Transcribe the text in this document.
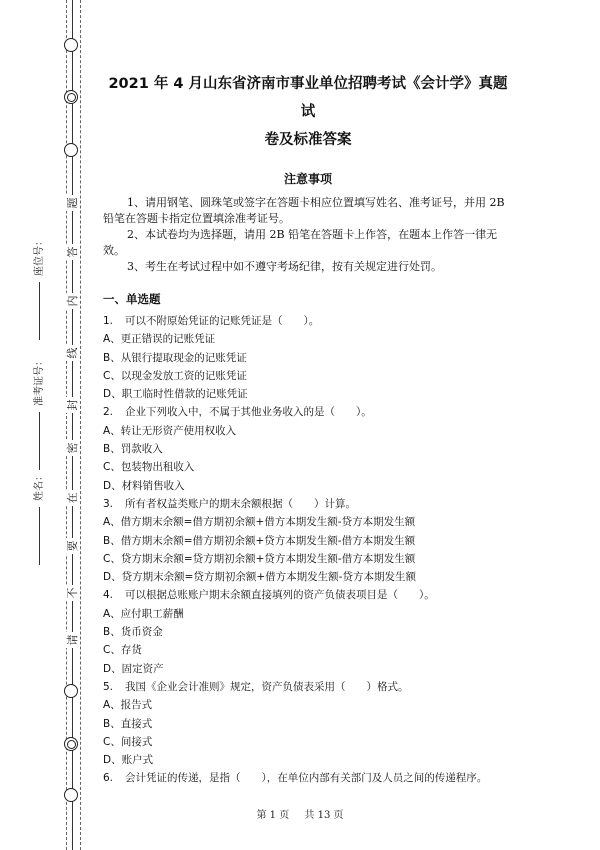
题
答
内
线
封
密
在
要
不
请
座位号：
准考证号：
姓名：

2021 年 4 月山东省济南市事业单位招聘考试《会计学》真题试
卷及标准答案

注意事项

1、请用钢笔、圆珠笔或签字在答题卡相应位置填写姓名、准考证号，并用 2B 铅笔在答题卡指定位置填涂准考证号。

2、本试卷均为选择题，请用 2B 铅笔在答题卡上作答，在题本上作答一律无效。

3、考生在考试过程中如不遵守考场纪律，按有关规定进行处罚。

一、单选题

1. 可以不附原始凭证的记账凭证是（　　）。

A、更正错误的记账凭证

B、从银行提取现金的记账凭证

C、以现金发放工资的记账凭证

D、职工临时性借款的记账凭证

2. 企业下列收入中，不属于其他业务收入的是（　　）。

A、转让无形资产使用权收入

B、罚款收入

C、包装物出租收入

D、材料销售收入

3. 所有者权益类账户的期末余额根据（　　）计算。

A、借方期末余额=借方期初余额+借方本期发生额-贷方本期发生额

B、借方期末余额=借方期初余额+贷方本期发生额-借方本期发生额

C、贷方期末余额=贷方期初余额+贷方本期发生额-借方本期发生额

D、贷方期末余额=贷方期初余额+借方本期发生额-贷方本期发生额

4. 可以根据总账账户期末余额直接填列的资产负债表项目是（　　）。

A、应付职工薪酬

B、货币资金

C、存货

D、固定资产

5. 我国《企业会计准则》规定，资产负债表采用（　　）格式。

A、报告式

B、直接式

C、间接式

D、账户式

6. 会计凭证的传递，是指（　　），在单位内部有关部门及人员之间的传递程序。

第 1 页 共 13 页
